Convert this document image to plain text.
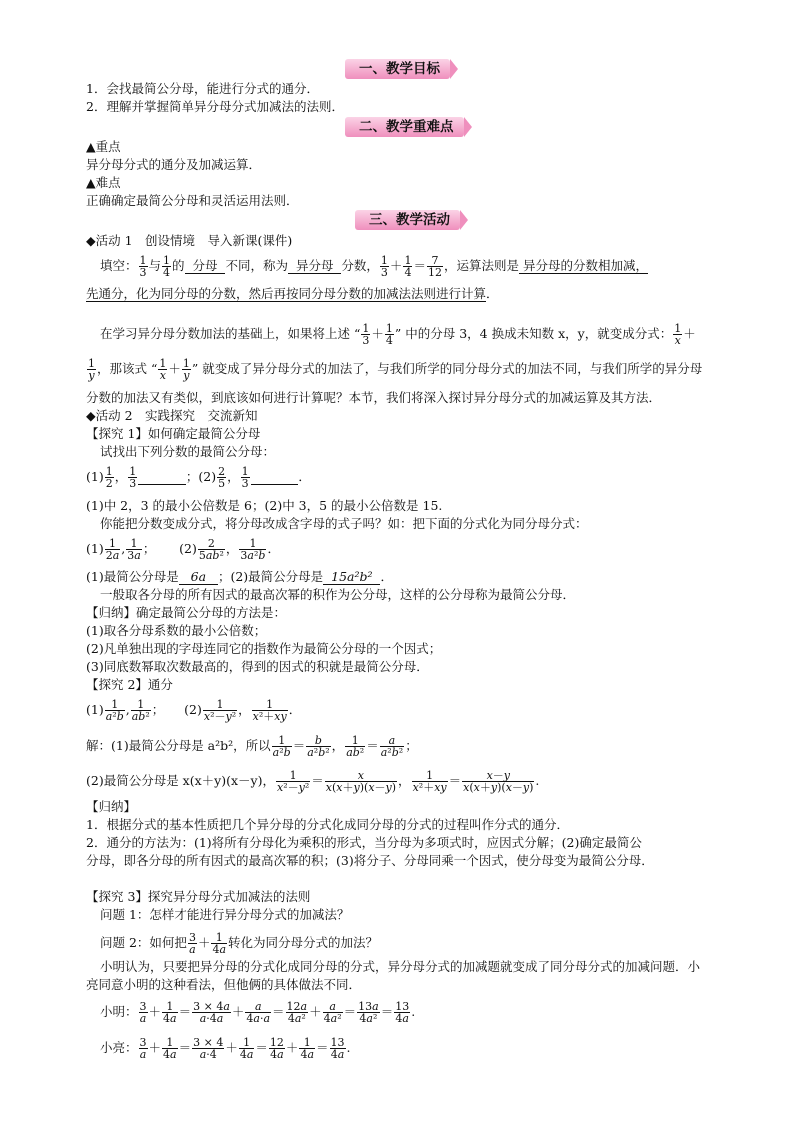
一、教学目标
1．会找最简公分母，能进行分式的通分．
2．理解并掌握简单异分母分式加减法的法则．
二、教学重难点
▲重点
异分母分式的通分及加减运算．
▲难点
正确确定最简公分母和灵活运用法则．
三、教学活动
◆活动 1　创设情境　导入新课(课件)
填空： $\frac{1}{3}$ 与 $\frac{1}{4}$ 的 分母 不同，称为 异分母 分数， $\frac{1}{3} + \frac{1}{4} = \frac{7}{12}$ ，运算法则是 异分母的分数相加减，
先通分，化为同分母的分数，然后再按同分母分数的加减法法则进行计算．
在学习异分母分数加法的基础上，如果将上述 “ $\frac{1}{3} + \frac{1}{4}$ ” 中的分母 3，4 换成未知数 x，y，就变成分式： $\frac{1}{x}$ ＋
$\frac{1}{y}$ ，那该式 “ $\frac{1}{x} + \frac{1}{y}$ ” 就变成了异分母分式的加法了，与我们所学的同分母分式的加法不同，与我们所学的异分母
分数的加法又有类似，到底该如何进行计算呢？本节，我们将深入探讨异分母分式的加减运算及其方法．
◆活动 2　实践探究　交流新知
【探究 1】如何确定最简公分母
试找出下列分数的最简公分母：
$(1) \frac{1}{2}$ ， $\frac{1}{3}$	；$(2) \frac{2}{5}$ ， $\frac{1}{3}$	．
(1)中 2，3 的最小公倍数是 6；(2)中 3，5 的最小公倍数是 15.
你能把分数变成分式，将分母改成含字母的式子吗？如：把下面的分式化为同分母分式：
$(1) \frac{1}{2a}$ , $\frac{1}{3a}$ ；      $(2) \frac{2}{\text{5ab²}}$ ， $\frac{1}{\text{3a²b}}$ ．
(1)最简公分母是 6a ；(2)最简公分母是 15a²b² ．
一般取各分母的所有因式的最高次幂的积作为公分母，这样的公分母称为最简公分母．
【归纳】确定最简公分母的方法是：
(1)取各分母系数的最小公倍数；
(2)凡单独出现的字母连同它的指数作为最简公分母的一个因式；
(3)同底数幂取次数最高的，得到的因式的积就是最简公分母．
【探究 2】通分
$(1) \frac{1}{\text{a²b}}$ , $\frac{1}{\text{ab²}}$ ；     $(2) \frac{1}{\text{x²－y²}}$ ， $\frac{1}{\text{x²＋xy}}$ ．
解：(1)最简公分母是 a²b²，所以 $\frac{1}{\text{a²b}} = \frac{b}{\text{a²b²}}$ ， $\frac{1}{\text{ab²}} = \frac{a}{\text{a²b²}}$ ；
(2)最简公分母是 x(x＋y)(x－y)， $\frac{1}{\text{x²－y²}} = \frac{x}{x(x+y)(x-y)}$ ， $\frac{1}{\text{x²＋xy}} = \frac{x-y}{x(x+y)(x-y)}$ .
【归纳】
1．根据分式的基本性质把几个异分母的分式化成同分母的分式的过程叫作分式的通分．
2．通分的方法为：(1)将所有分母化为乘积的形式，当分母为多项式时，应因式分解；(2)确定最简公
分母，即各分母的所有因式的最高次幂的积；(3)将分子、分母同乘一个因式，使分母变为最简公分母．
【探究 3】探究异分母分式加减法的法则
问题 1：怎样才能进行异分母分式的加减法？
问题 2：如何把 $\frac{3}{a} + \frac{1}{4a}$ 转化为同分母分式的加法？
小明认为，只要把异分母的分式化成同分母的分式，异分母分式的加减题就变成了同分母分式的加减问题．小
亮同意小明的这种看法，但他俩的具体做法不同．
小明： $\frac{3}{a} + \frac{1}{4a} = \frac{3 \times 4a}{a\cdot 4a} + \frac{a}{4a\cdot a} = \frac{12a}{\text{4a²}} + \frac{a}{\text{4a²}} = \frac{13a}{\text{4a²}} = \frac{13}{4a}$ .
小亮： $\frac{3}{a} + \frac{1}{4a} = \frac{3 \times 4}{a\cdot 4} + \frac{1}{4a} = \frac{12}{4a} + \frac{1}{4a} = \frac{13}{4a}$ .
